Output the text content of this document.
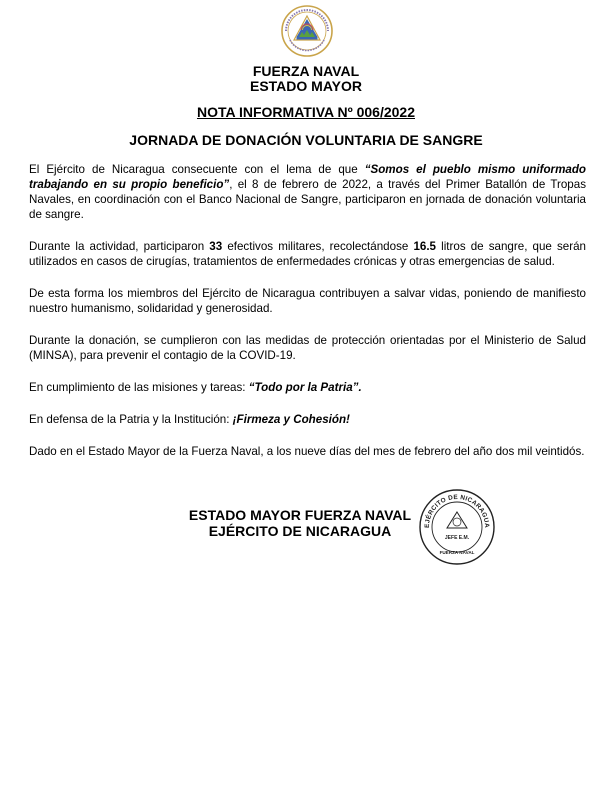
FUERZA NAVAL
ESTADO MAYOR
NOTA INFORMATIVA Nº 006/2022
JORNADA DE DONACIÓN VOLUNTARIA DE SANGRE

El Ejército de Nicaragua consecuente con el lema de que “Somos el pueblo mismo uniformado trabajando en su propio beneficio”, el 8 de febrero de 2022, a través del Primer Batallón de Tropas Navales, en coordinación con el Banco Nacional de Sangre, participaron en jornada de donación voluntaria de sangre.

Durante la actividad, participaron 33 efectivos militares, recolectándose 16.5 litros de sangre, que serán utilizados en casos de cirugías, tratamientos de enfermedades crónicas y otras emergencias de salud.

De esta forma los miembros del Ejército de Nicaragua contribuyen a salvar vidas, poniendo de manifiesto nuestro humanismo, solidaridad y generosidad.

Durante la donación, se cumplieron con las medidas de protección orientadas por el Ministerio de Salud (MINSA), para prevenir el contagio de la COVID-19.

En cumplimiento de las misiones y tareas: “Todo por la Patria”.

En defensa de la Patria y la Institución: ¡Firmeza y Cohesión!

Dado en el Estado Mayor de la Fuerza Naval, a los nueve días del mes de febrero del año dos mil veintidós.

ESTADO MAYOR FUERZA NAVAL
EJÉRCITO DE NICARAGUA	EJÉRCITO DE NICARAGUA
JEFE E.M.
FUERZA NAVAL
